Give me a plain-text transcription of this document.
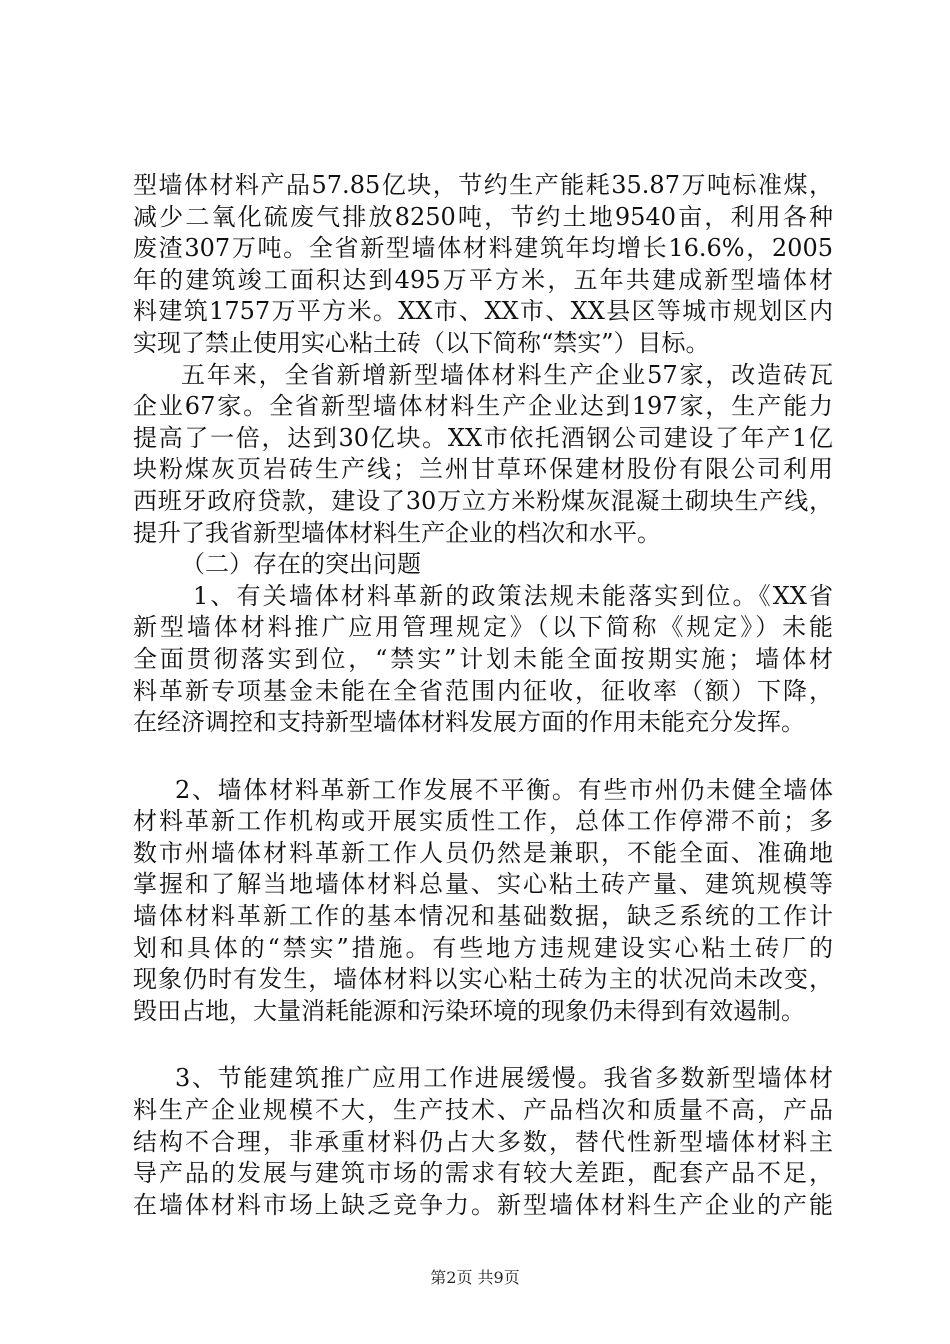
型墙体材料产品57.85亿块，节约生产能耗35.87万吨标准煤，
减少二氧化硫废气排放8250吨，节约土地9540亩，利用各种
废渣307万吨。全省新型墙体材料建筑年均增长16.6%，2005
年的建筑竣工面积达到495万平方米，五年共建成新型墙体材
料建筑1757万平方米。XX市、XX市、XX县区等城市规划区内
实现了禁止使用实心粘土砖（以下简称“禁实”）目标。
五年来，全省新增新型墙体材料生产企业57家，改造砖瓦
企业67家。全省新型墙体材料生产企业达到197家，生产能力
提高了一倍，达到30亿块。XX市依托酒钢公司建设了年产1亿
块粉煤灰页岩砖生产线；兰州甘草环保建材股份有限公司利用
西班牙政府贷款，建设了30万立方米粉煤灰混凝土砌块生产线，
提升了我省新型墙体材料生产企业的档次和水平。
（二）存在的突出问题
1、有关墙体材料革新的政策法规未能落实到位。《XX省
新型墙体材料推广应用管理规定》（以下简称《规定》）未能
全面贯彻落实到位，“禁实”计划未能全面按期实施；墙体材
料革新专项基金未能在全省范围内征收，征收率（额）下降，
在经济调控和支持新型墙体材料发展方面的作用未能充分发挥。
2、墙体材料革新工作发展不平衡。有些市州仍未健全墙体
材料革新工作机构或开展实质性工作，总体工作停滞不前；多
数市州墙体材料革新工作人员仍然是兼职，不能全面、准确地
掌握和了解当地墙体材料总量、实心粘土砖产量、建筑规模等
墙体材料革新工作的基本情况和基础数据，缺乏系统的工作计
划和具体的“禁实”措施。有些地方违规建设实心粘土砖厂的
现象仍时有发生，墙体材料以实心粘土砖为主的状况尚未改变，
毁田占地，大量消耗能源和污染环境的现象仍未得到有效遏制。
3、节能建筑推广应用工作进展缓慢。我省多数新型墙体材
料生产企业规模不大，生产技术、产品档次和质量不高，产品
结构不合理，非承重材料仍占大多数，替代性新型墙体材料主
导产品的发展与建筑市场的需求有较大差距，配套产品不足，
在墙体材料市场上缺乏竞争力。新型墙体材料生产企业的产能
第2页 共9页
